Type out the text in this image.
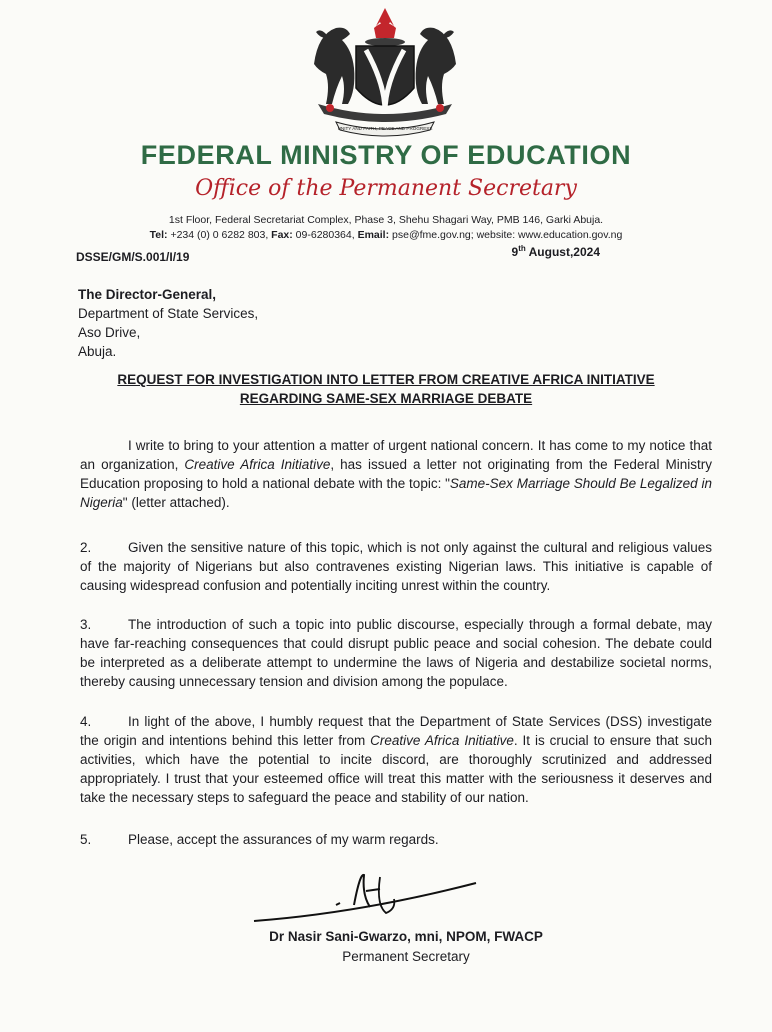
UNITY AND FAITH, PEACE AND PROGRESS
FEDERAL MINISTRY OF EDUCATION
Office of the Permanent Secretary
1st Floor, Federal Secretariat Complex, Phase 3, Shehu Shagari Way, PMB 146, Garki Abuja.
Tel: +234 (0) 0 6282 803, Fax: 09-6280364, Email: pse@fme.gov.ng; website: www.education.gov.ng
DSSE/GM/S.001/I/19	9th August,2024
The Director-General,
Department of State Services,
Aso Drive,
Abuja.
REQUEST FOR INVESTIGATION INTO LETTER FROM CREATIVE AFRICA INITIATIVE
REGARDING SAME-SEX MARRIAGE DEBATE
I write to bring to your attention a matter of urgent national concern. It has come to my notice that an organization, Creative Africa Initiative, has issued a letter not originating from the Federal Ministry Education proposing to hold a national debate with the topic: "Same-Sex Marriage Should Be Legalized in Nigeria" (letter attached).
2.	Given the sensitive nature of this topic, which is not only against the cultural and religious values of the majority of Nigerians but also contravenes existing Nigerian laws. This initiative is capable of causing widespread confusion and potentially inciting unrest within the country.
3.	The introduction of such a topic into public discourse, especially through a formal debate, may have far-reaching consequences that could disrupt public peace and social cohesion. The debate could be interpreted as a deliberate attempt to undermine the laws of Nigeria and destabilize societal norms, thereby causing unnecessary tension and division among the populace.
4.	In light of the above, I humbly request that the Department of State Services (DSS) investigate the origin and intentions behind this letter from Creative Africa Initiative. It is crucial to ensure that such activities, which have the potential to incite discord, are thoroughly scrutinized and addressed appropriately. I trust that your esteemed office will treat this matter with the seriousness it deserves and take the necessary steps to safeguard the peace and stability of our nation.
5.	Please, accept the assurances of my warm regards.
Dr Nasir Sani-Gwarzo, mni, NPOM, FWACP
Permanent Secretary
